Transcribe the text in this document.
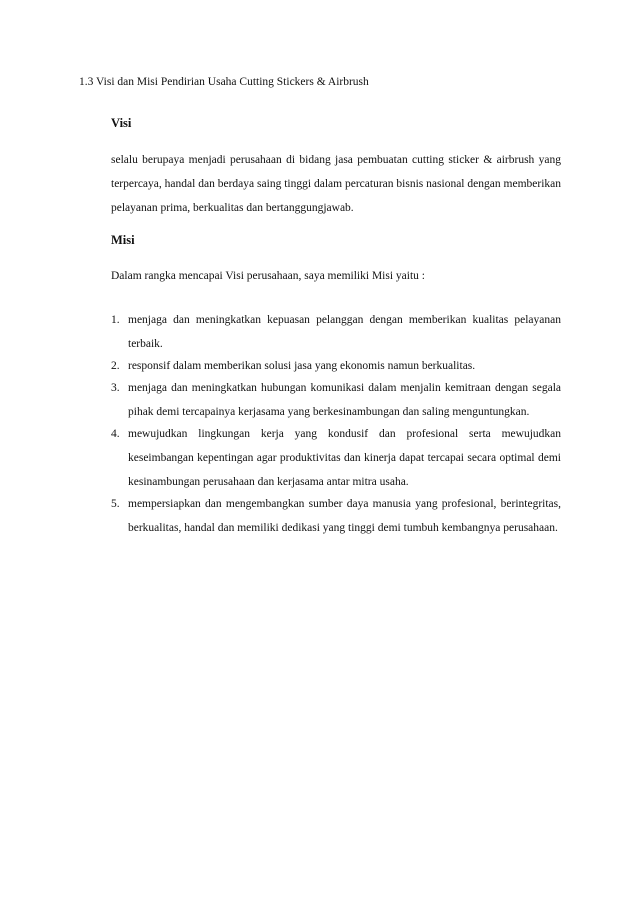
1.3 Visi dan Misi Pendirian Usaha Cutting Stickers & Airbrush
Visi
selalu berupaya menjadi perusahaan di bidang jasa pembuatan cutting sticker & airbrush yang terpercaya, handal dan berdaya saing tinggi dalam percaturan bisnis nasional dengan memberikan pelayanan prima, berkualitas dan bertanggungjawab.
Misi
Dalam rangka mencapai Visi perusahaan, saya memiliki Misi yaitu :
1. menjaga dan meningkatkan kepuasan pelanggan dengan memberikan kualitas pelayanan terbaik.
2. responsif dalam memberikan solusi jasa yang ekonomis namun berkualitas.
3. menjaga dan meningkatkan hubungan komunikasi dalam menjalin kemitraan dengan segala pihak demi tercapainya kerjasama yang berkesinambungan dan saling menguntungkan.
4. mewujudkan lingkungan kerja yang kondusif dan profesional serta mewujudkan keseimbangan kepentingan agar produktivitas dan kinerja dapat tercapai secara optimal demi kesinambungan perusahaan dan kerjasama antar mitra usaha.
5. mempersiapkan dan mengembangkan sumber daya manusia yang profesional, berintegritas, berkualitas, handal dan memiliki dedikasi yang tinggi demi tumbuh kembangnya perusahaan.
